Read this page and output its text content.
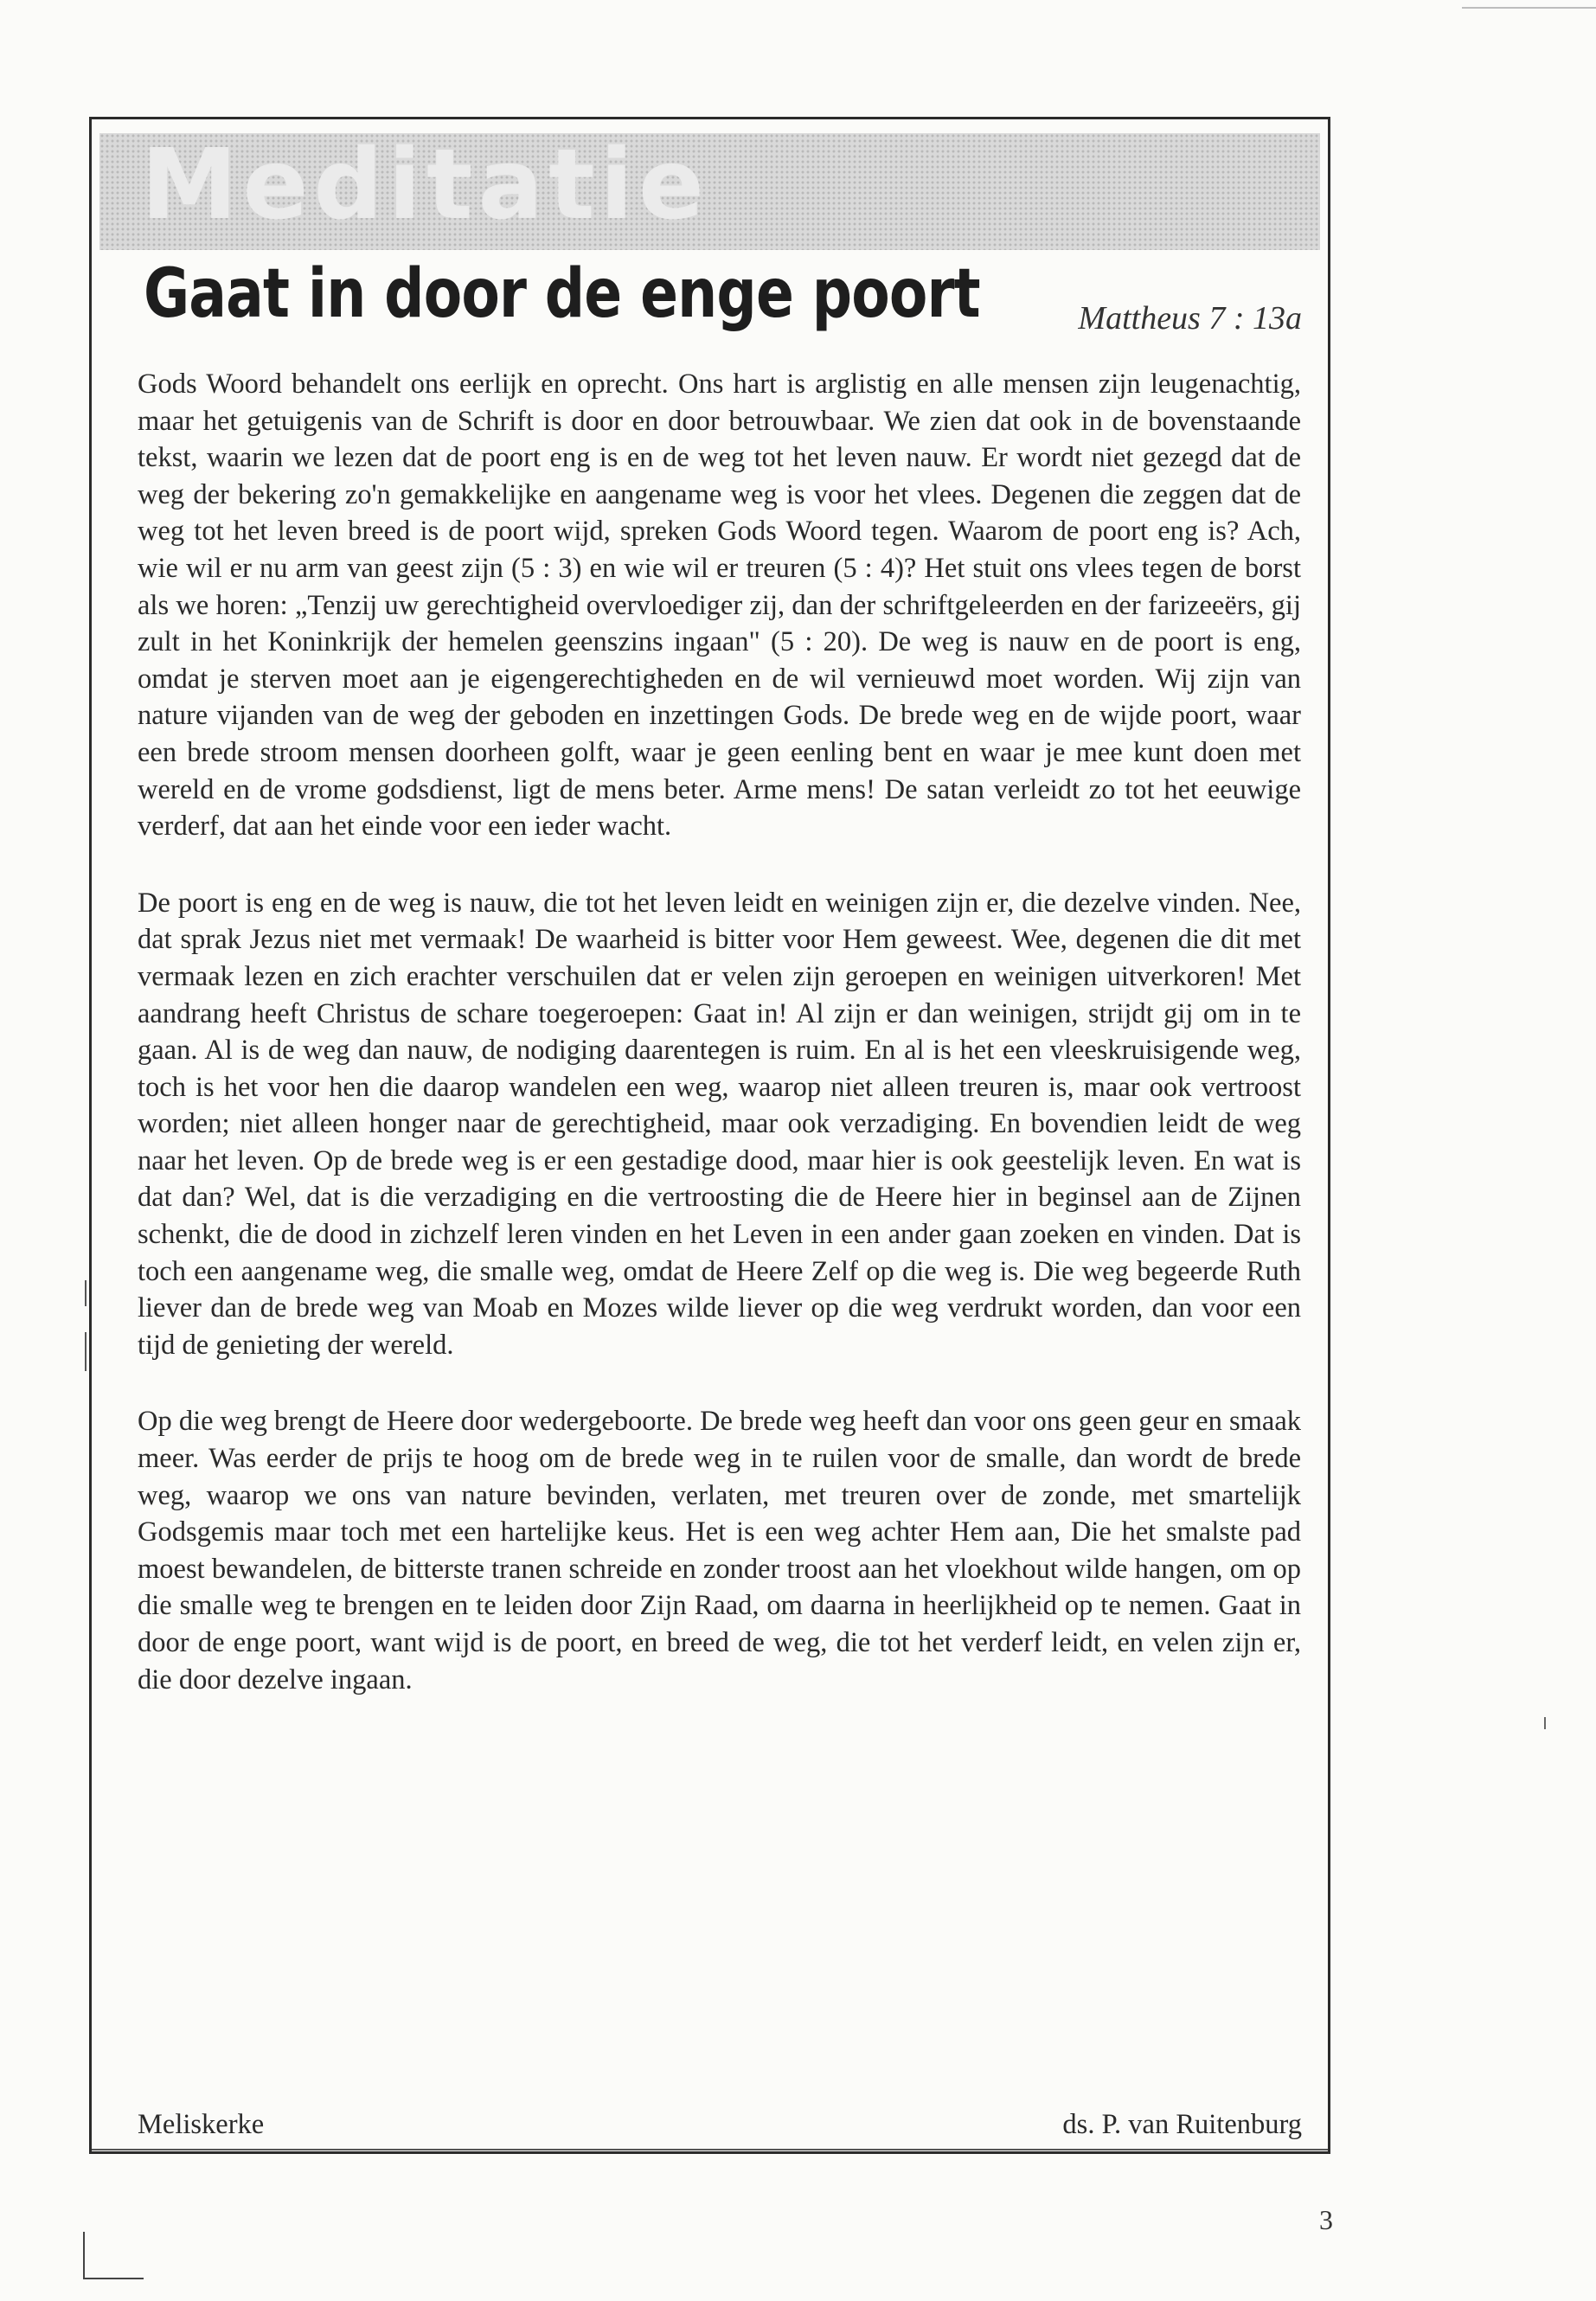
Meditatie
Gaat in door de enge poort	Mattheus 7 : 13a

Gods Woord behandelt ons eerlijk en oprecht. Ons hart is arglistig en alle mensen zijn leugenachtig, maar het getuigenis van de Schrift is door en door betrouwbaar. We zien dat ook in de bovenstaande tekst, waarin we lezen dat de poort eng is en de weg tot het leven nauw. Er wordt niet gezegd dat de weg der bekering zo'n gemakkelijke en aangename weg is voor het vlees. Degenen die zeggen dat de weg tot het leven breed is de poort wijd, spreken Gods Woord tegen. Waarom de poort eng is? Ach, wie wil er nu arm van geest zijn (5 : 3) en wie wil er treuren (5 : 4)? Het stuit ons vlees tegen de borst als we horen: „Tenzij uw gerechtigheid overvloediger zij, dan der schriftgeleerden en der farizeeërs, gij zult in het Koninkrijk der hemelen geenszins ingaan" (5 : 20). De weg is nauw en de poort is eng, omdat je sterven moet aan je eigengerechtigheden en de wil vernieuwd moet worden. Wij zijn van nature vijanden van de weg der geboden en inzettingen Gods. De brede weg en de wijde poort, waar een brede stroom mensen doorheen golft, waar je geen eenling bent en waar je mee kunt doen met wereld en de vrome godsdienst, ligt de mens beter. Arme mens! De satan verleidt zo tot het eeuwige verderf, dat aan het einde voor een ieder wacht.

De poort is eng en de weg is nauw, die tot het leven leidt en weinigen zijn er, die dezelve vinden. Nee, dat sprak Jezus niet met vermaak! De waarheid is bitter voor Hem geweest. Wee, degenen die dit met vermaak lezen en zich erachter verschuilen dat er velen zijn geroepen en weinigen uitverkoren! Met aandrang heeft Christus de schare toegeroepen: Gaat in! Al zijn er dan weinigen, strijdt gij om in te gaan. Al is de weg dan nauw, de nodiging daarentegen is ruim. En al is het een vleeskruisigende weg, toch is het voor hen die daarop wandelen een weg, waarop niet alleen treuren is, maar ook vertroost worden; niet alleen honger naar de gerechtigheid, maar ook verzadiging. En bovendien leidt de weg naar het leven. Op de brede weg is er een gestadige dood, maar hier is ook geestelijk leven. En wat is dat dan? Wel, dat is die verzadiging en die vertroosting die de Heere hier in beginsel aan de Zijnen schenkt, die de dood in zichzelf leren vinden en het Leven in een ander gaan zoeken en vinden. Dat is toch een aangename weg, die smalle weg, omdat de Heere Zelf op die weg is. Die weg begeerde Ruth liever dan de brede weg van Moab en Mozes wilde liever op die weg verdrukt worden, dan voor een tijd de genieting der wereld.

Op die weg brengt de Heere door wedergeboorte. De brede weg heeft dan voor ons geen geur en smaak meer. Was eerder de prijs te hoog om de brede weg in te ruilen voor de smalle, dan wordt de brede weg, waarop we ons van nature bevinden, verlaten, met treuren over de zonde, met smartelijk Godsgemis maar toch met een hartelijke keus. Het is een weg achter Hem aan, Die het smalste pad moest bewandelen, de bitterste tranen schreide en zonder troost aan het vloekhout wilde hangen, om op die smalle weg te brengen en te leiden door Zijn Raad, om daarna in heerlijkheid op te nemen. Gaat in door de enge poort, want wijd is de poort, en breed de weg, die tot het verderf leidt, en velen zijn er, die door dezelve ingaan.

Meliskerke	ds. P. van Ruitenburg
3
